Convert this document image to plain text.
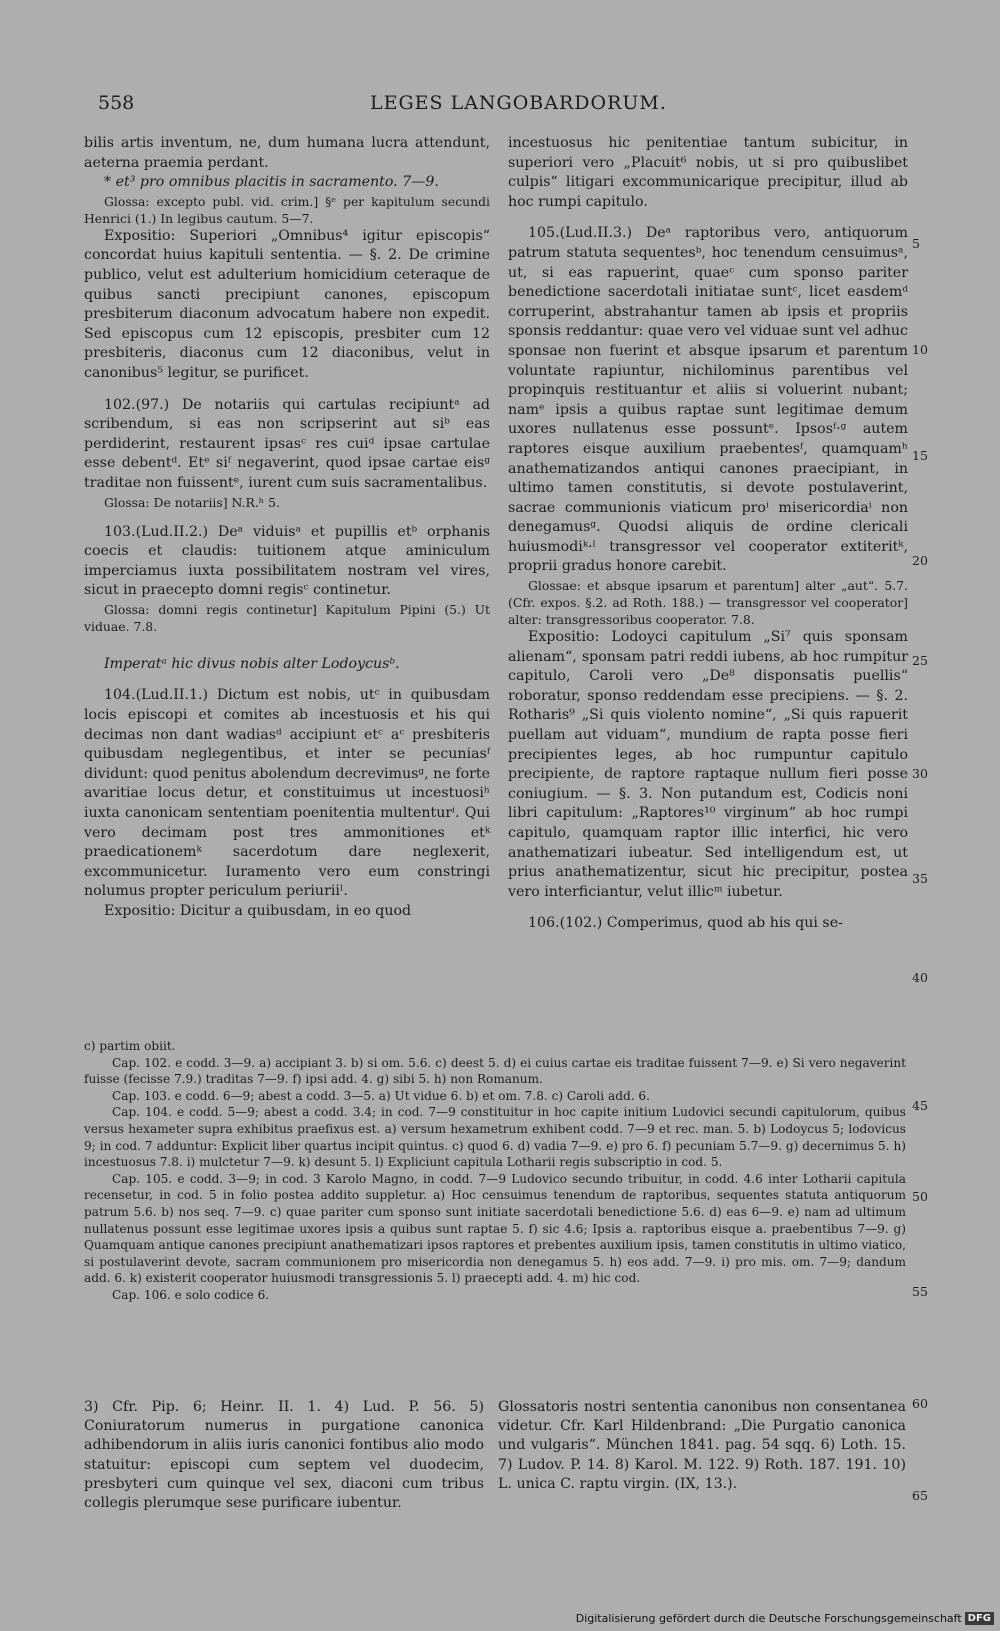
558	LEGES LANGOBARDORUM.

bilis artis inventum, ne, dum humana lucra attendunt, aeterna praemia perdant.

* et³ pro omnibus placitis in sacramento. 7—9.

Glossa: excepto publ. vid. crim.] §ᵉ per kapitulum secundi Henrici (1.) In legibus cautum. 5—7.

Expositio: Superiori „Omnibus⁴ igitur episcopis“ concordat huius kapituli sententia. — §. 2. De crimine publico, velut est adulterium homicidium ceteraque de quibus sancti precipiunt canones, episcopum presbiterum diaconum advocatum habere non expedit. Sed episcopus cum 12 episcopis, presbiter cum 12 presbiteris, diaconus cum 12 diaconibus, velut in canonibus⁵ legitur, se purificet.

102.(97.) De notariis qui cartulas recipiuntᵃ ad scribendum, si eas non scripserint aut siᵇ eas perdiderint, restaurent ipsasᶜ res cuiᵈ ipsae cartulae esse debentᵈ. Etᵉ siᶠ negaverint, quod ipsae cartae eisᵍ traditae non fuissentᵉ, iurent cum suis sacramentalibus.

Glossa: De notariis] N.R.ʰ 5.

103.(Lud.II.2.) Deᵃ viduisᵃ et pupillis etᵇ orphanis coecis et claudis: tuitionem atque aminiculum imperciamus iuxta possibilitatem nostram vel vires, sicut in praecepto domni regisᶜ continetur.

Glossa: domni regis continetur] Kapitulum Pipini (5.) Ut viduae. 7.8.

Imperatᵃ hic divus nobis alter Lodoycusᵇ.

104.(Lud.II.1.) Dictum est nobis, utᶜ in quibusdam locis episcopi et comites ab incestuosis et his qui decimas non dant wadiasᵈ accipiunt etᶜ aᶜ presbiteris quibusdam neglegentibus, et inter se pecuniasᶠ dividunt: quod penitus abolendum decrevimusᵍ, ne forte avaritiae locus detur, et constituimus ut incestuosiʰ iuxta canonicam sententiam poenitentia multenturⁱ. Qui vero decimam post tres ammonitiones etᵏ praedicationemᵏ sacerdotum dare neglexerit, excommunicetur. Iuramento vero eum constringi nolumus propter periculum periuriiˡ.

Expositio: Dicitur a quibusdam, in eo quod

incestuosus hic penitentiae tantum subicitur, in superiori vero „Placuit⁶ nobis, ut si pro quibuslibet culpis“ litigari excommunicarique precipitur, illud ab hoc rumpi capitulo.

105.(Lud.II.3.) Deᵃ raptoribus vero, antiquorum patrum statuta sequentesᵇ, hoc tenendum censuimusᵃ, ut, si eas rapuerint, quaeᶜ cum sponso pariter benedictione sacerdotali initiatae suntᶜ, licet easdemᵈ corruperint, abstrahantur tamen ab ipsis et propriis sponsis reddantur: quae vero vel viduae sunt vel adhuc sponsae non fuerint et absque ipsarum et parentum voluntate rapiuntur, nichilominus parentibus vel propinquis restituantur et aliis si voluerint nubant; namᵉ ipsis a quibus raptae sunt legitimae demum uxores nullatenus esse possuntᵉ. Ipsosᶠ·ᵍ autem raptores eisque auxilium praebentesᶠ, quamquamʰ anathematizandos antiqui canones praecipiant, in ultimo tamen constitutis, si devote postulaverint, sacrae communionis viaticum proⁱ misericordiaⁱ non denegamusᵍ. Quodsi aliquis de ordine clericali huiusmodiᵏ·ˡ transgressor vel cooperator extiteritᵏ, proprii gradus honore carebit.

Glossae: et absque ipsarum et parentum] alter „aut“. 5.7. (Cfr. expos. §.2. ad Roth. 188.) — transgressor vel cooperator] alter: transgressoribus cooperator. 7.8.

Expositio: Lodoyci capitulum „Si⁷ quis sponsam alienam“, sponsam patri reddi iubens, ab hoc rumpitur capitulo, Caroli vero „De⁸ disponsatis puellis“ roboratur, sponso reddendam esse precipiens. — §. 2. Rotharis⁹ „Si quis violento nomine“, „Si quis rapuerit puellam aut viduam“, mundium de rapta posse fieri precipientes leges, ab hoc rumpuntur capitulo precipiente, de raptore raptaque nullum fieri posse coniugium. — §. 3. Non putandum est, Codicis noni libri capitulum: „Raptores¹⁰ virginum“ ab hoc rumpi capitulo, quamquam raptor illic interfici, hic vero anathematizari iubeatur. Sed intelligendum est, ut prius anathematizentur, sicut hic precipitur, postea vero interficiantur, velut illicᵐ iubetur.

106.(102.) Comperimus, quod ab his qui se-

5
10
15
20
25
30
35
40
45
50
55
60
65

c) partim obiit.

Cap. 102. e codd. 3—9. a) accipiant 3. b) si om. 5.6. c) deest 5. d) ei cuius cartae eis traditae fuissent 7—9. e) Si vero negaverint fuisse (fecisse 7.9.) traditas 7—9. f) ipsi add. 4. g) sibi 5. h) non Romanum.

Cap. 103. e codd. 6—9; abest a codd. 3—5. a) Ut vidue 6. b) et om. 7.8. c) Caroli add. 6.

Cap. 104. e codd. 5—9; abest a codd. 3.4; in cod. 7—9 constituitur in hoc capite initium Ludovici secundi capitulorum, quibus versus hexameter supra exhibitus praefixus est. a) versum hexametrum exhibent codd. 7—9 et rec. man. 5. b) Lodoycus 5; lodovicus 9; in cod. 7 adduntur: Explicit liber quartus incipit quintus. c) quod 6. d) vadia 7—9. e) pro 6. f) pecuniam 5.7—9. g) decernimus 5. h) incestuosus 7.8. i) mulctetur 7—9. k) desunt 5. l) Expliciunt capitula Lotharii regis subscriptio in cod. 5.

Cap. 105. e codd. 3—9; in cod. 3 Karolo Magno, in codd. 7—9 Ludovico secundo tribuitur, in codd. 4.6 inter Lotharii capitula recensetur, in cod. 5 in folio postea addito suppletur. a) Hoc censuimus tenendum de raptoribus, sequentes statuta antiquorum patrum 5.6. b) nos seq. 7—9. c) quae pariter cum sponso sunt initiate sacerdotali benedictione 5.6. d) eas 6—9. e) nam ad ultimum nullatenus possunt esse legitimae uxores ipsis a quibus sunt raptae 5. f) sic 4.6; Ipsis a. raptoribus eisque a. praebentibus 7—9. g) Quamquam antique canones precipiunt anathematizari ipsos raptores et prebentes auxilium ipsis, tamen constitutis in ultimo viatico, si postulaverint devote, sacram communionem pro misericordia non denegamus 5. h) eos add. 7—9. i) pro mis. om. 7—9; dandum add. 6. k) existerit cooperator huiusmodi transgressionis 5. l) praecepti add. 4. m) hic cod.

Cap. 106. e solo codice 6.

3) Cfr. Pip. 6; Heinr. II. 1. 4) Lud. P. 56. 5) Coniuratorum numerus in purgatione canonica adhibendorum in aliis iuris canonici fontibus alio modo statuitur: episcopi cum septem vel duodecim, presbyteri cum quinque vel sex, diaconi cum tribus collegis plerumque sese purificare iubentur.

Glossatoris nostri sententia canonibus non consentanea videtur. Cfr. Karl Hildenbrand: „Die Purgatio canonica und vulgaris“. München 1841. pag. 54 sqq. 6) Loth. 15. 7) Ludov. P. 14. 8) Karol. M. 122. 9) Roth. 187. 191. 10) L. unica C. raptu virgin. (IX, 13.).

Digitalisierung gefördert durch die Deutsche Forschungsgemeinschaft DFG
